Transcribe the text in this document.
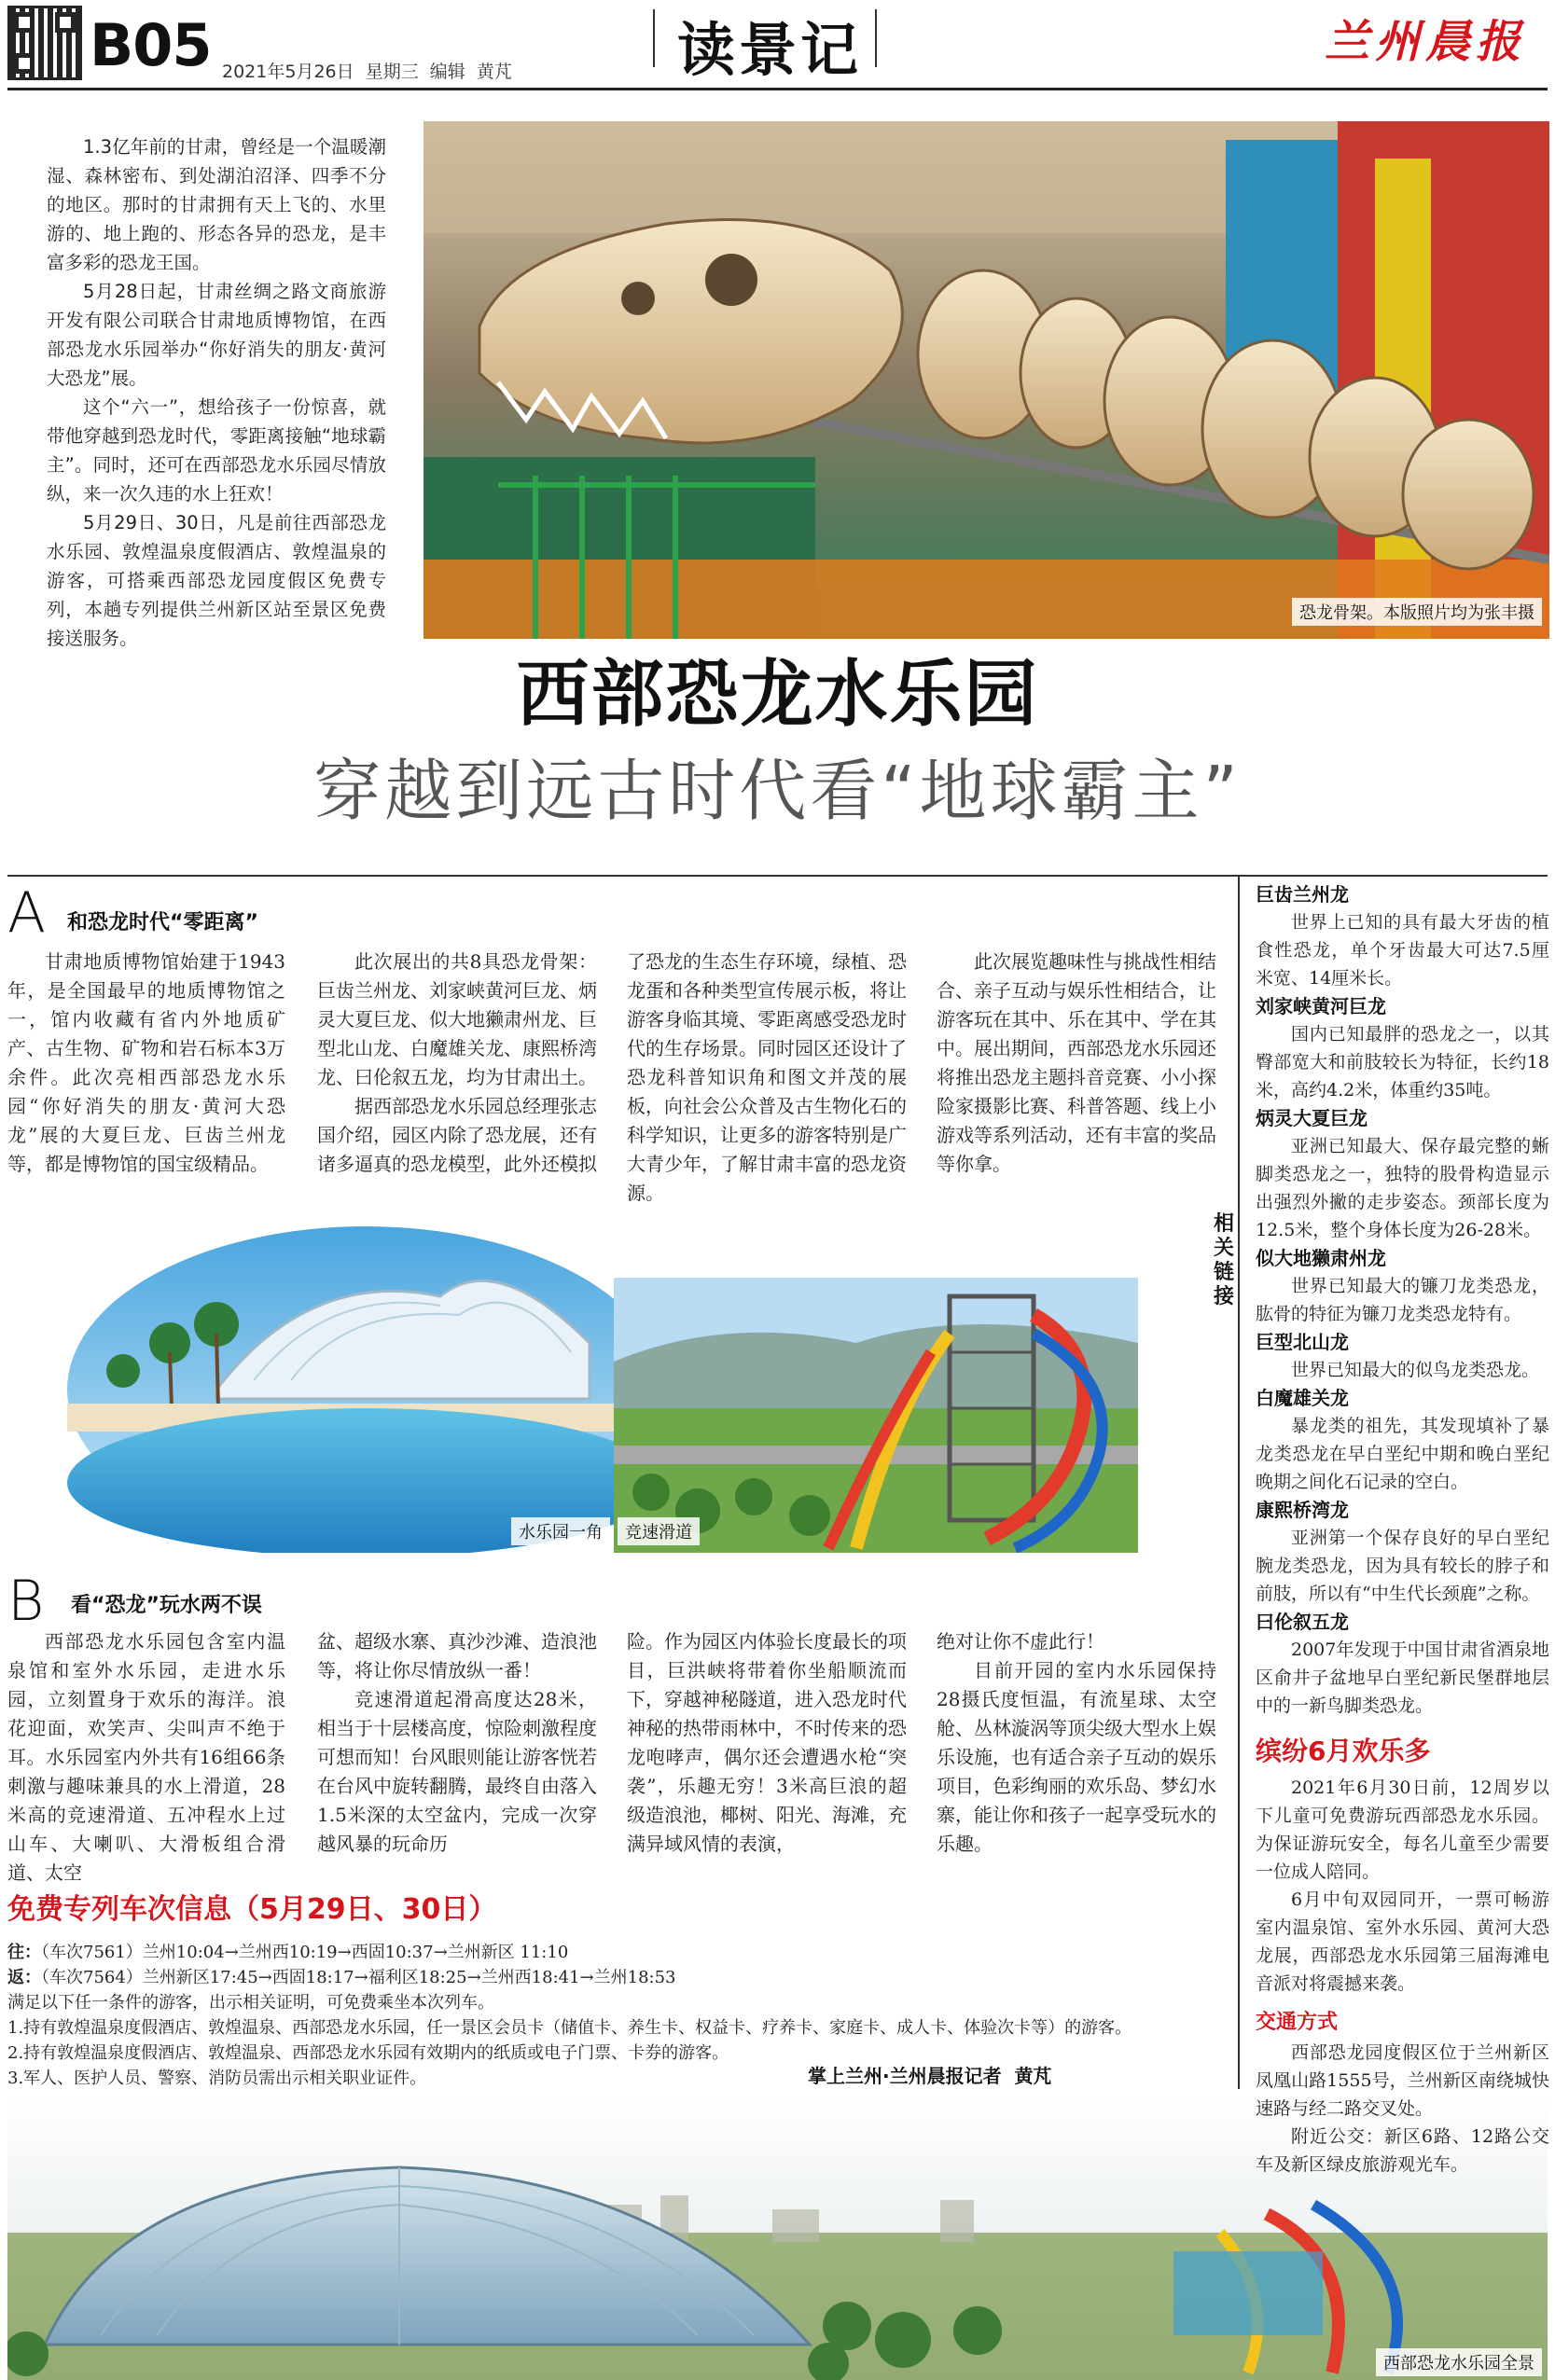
B05 2021年5月26日  星期三  编辑  黄芃	读景记	兰州晨报

1.3亿年前的甘肃，曾经是一个温暖潮湿、森林密布、到处湖泊沼泽、四季不分的地区。那时的甘肃拥有天上飞的、水里游的、地上跑的、形态各异的恐龙，是丰富多彩的恐龙王国。

5月28日起，甘肃丝绸之路文商旅游开发有限公司联合甘肃地质博物馆，在西部恐龙水乐园举办“你好消失的朋友·黄河大恐龙”展。

这个“六一”，想给孩子一份惊喜，就带他穿越到恐龙时代，零距离接触“地球霸主”。同时，还可在西部恐龙水乐园尽情放纵，来一次久违的水上狂欢！

5月29日、30日，凡是前往西部恐龙水乐园、敦煌温泉度假酒店、敦煌温泉的游客，可搭乘西部恐龙园度假区免费专列，本趟专列提供兰州新区站至景区免费接送服务。

恐龙骨架。本版照片均为张丰摄
西部恐龙水乐园
穿越到远古时代看“地球霸主”
A 和恐龙时代“零距离”

甘肃地质博物馆始建于1943年，是全国最早的地质博物馆之一，馆内收藏有省内外地质矿产、古生物、矿物和岩石标本3万余件。此次亮相西部恐龙水乐园“你好消失的朋友·黄河大恐龙”展的大夏巨龙、巨齿兰州龙等，都是博物馆的国宝级精品。

此次展出的共8具恐龙骨架：巨齿兰州龙、刘家峡黄河巨龙、炳灵大夏巨龙、似大地獭肃州龙、巨型北山龙、白魔雄关龙、康熙桥湾龙、曰伦叙五龙，均为甘肃出土。

据西部恐龙水乐园总经理张志国介绍，园区内除了恐龙展，还有诸多逼真的恐龙模型，此外还模拟

了恐龙的生态生存环境，绿植、恐龙蛋和各种类型宣传展示板，将让游客身临其境、零距离感受恐龙时代的生存场景。同时园区还设计了恐龙科普知识角和图文并茂的展板，向社会公众普及古生物化石的科学知识，让更多的游客特别是广大青少年，了解甘肃丰富的恐龙资源。

此次展览趣味性与挑战性相结合、亲子互动与娱乐性相结合，让游客玩在其中、乐在其中、学在其中。展出期间，西部恐龙水乐园还将推出恐龙主题抖音竞赛、小小探险家摄影比赛、科普答题、线上小游戏等系列活动，还有丰富的奖品等你拿。

水乐园一角	竞速滑道
B 看“恐龙”玩水两不误

西部恐龙水乐园包含室内温泉馆和室外水乐园，走进水乐园，立刻置身于欢乐的海洋。浪花迎面，欢笑声、尖叫声不绝于耳。水乐园室内外共有16组66条刺激与趣味兼具的水上滑道，28米高的竞速滑道、五冲程水上过山车、大喇叭、大滑板组合滑道、太空

盆、超级水寨、真沙沙滩、造浪池等，将让你尽情放纵一番！

竞速滑道起滑高度达28米，相当于十层楼高度，惊险刺激程度可想而知！台风眼则能让游客恍若在台风中旋转翻腾，最终自由落入1.5米深的太空盆内，完成一次穿越风暴的玩命历

险。作为园区内体验长度最长的项目，巨洪峡将带着你坐船顺流而下，穿越神秘隧道，进入恐龙时代神秘的热带雨林中，不时传来的恐龙咆哮声，偶尔还会遭遇水枪“突袭”，乐趣无穷！3米高巨浪的超级造浪池，椰树、阳光、海滩，充满异域风情的表演，

绝对让你不虚此行！

目前开园的室内水乐园保持28摄氏度恒温，有流星球、太空舱、丛林漩涡等顶尖级大型水上娱乐设施，也有适合亲子互动的娱乐项目，色彩绚丽的欢乐岛、梦幻水寨，能让你和孩子一起享受玩水的乐趣。

免费专列车次信息（5月29日、30日）
往：（车次7561）兰州10:04→兰州西10:19→西固10:37→兰州新区 11:10
返：（车次7564）兰州新区17:45→西固18:17→福利区18:25→兰州西18:41→兰州18:53
满足以下任一条件的游客，出示相关证明，可免费乘坐本次列车。
1.持有敦煌温泉度假酒店、敦煌温泉、西部恐龙水乐园，任一景区会员卡（储值卡、养生卡、权益卡、疗养卡、家庭卡、成人卡、体验次卡等）的游客。
2.持有敦煌温泉度假酒店、敦煌温泉、西部恐龙水乐园有效期内的纸质或电子门票、卡券的游客。
3.军人、医护人员、警察、消防员需出示相关职业证件。	掌上兰州·兰州晨报记者  黄芃
西部恐龙水乐园全景
相
关
链
接
巨齿兰州龙

世界上已知的具有最大牙齿的植食性恐龙，单个牙齿最大可达7.5厘米宽、14厘米长。

刘家峡黄河巨龙

国内已知最胖的恐龙之一，以其臀部宽大和前肢较长为特征，长约18米，高约4.2米，体重约35吨。

炳灵大夏巨龙

亚洲已知最大、保存最完整的蜥脚类恐龙之一，独特的股骨构造显示出强烈外撇的走步姿态。颈部长度为12.5米，整个身体长度为26-28米。

似大地獭肃州龙

世界已知最大的镰刀龙类恐龙，肱骨的特征为镰刀龙类恐龙特有。

巨型北山龙

世界已知最大的似鸟龙类恐龙。

白魔雄关龙

暴龙类的祖先，其发现填补了暴龙类恐龙在早白垩纪中期和晚白垩纪晚期之间化石记录的空白。

康熙桥湾龙

亚洲第一个保存良好的早白垩纪腕龙类恐龙，因为具有较长的脖子和前肢，所以有“中生代长颈鹿”之称。

曰伦叙五龙

2007年发现于中国甘肃省酒泉地区俞井子盆地早白垩纪新民堡群地层中的一新鸟脚类恐龙。

缤纷6月欢乐多

2021年6月30日前，12周岁以下儿童可免费游玩西部恐龙水乐园。为保证游玩安全，每名儿童至少需要一位成人陪同。

6月中旬双园同开，一票可畅游室内温泉馆、室外水乐园、黄河大恐龙展，西部恐龙水乐园第三届海滩电音派对将震撼来袭。

交通方式

西部恐龙园度假区位于兰州新区凤凰山路1555号，兰州新区南绕城快速路与经二路交叉处。

附近公交：新区6路、12路公交车及新区绿皮旅游观光车。
